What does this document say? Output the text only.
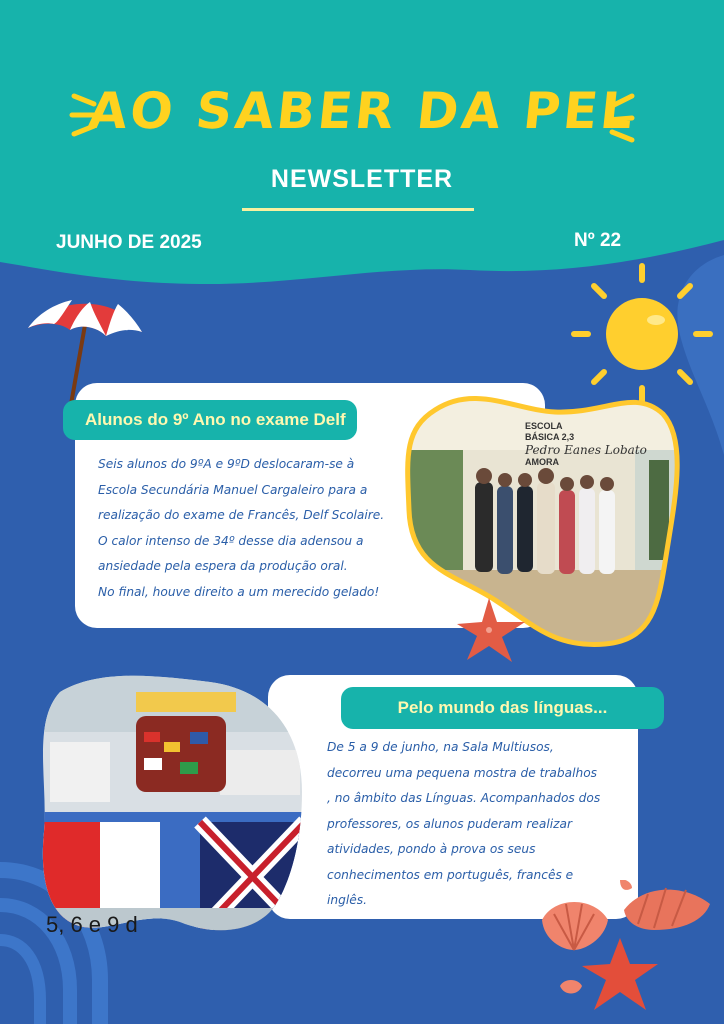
AO SABER DA PEL
NEWSLETTER
JUNHO DE 2025	Nº 22
Alunos do 9º Ano no exame Delf
Seis alunos do 9ºA e 9ºD deslocaram-se à
Escola Secundária Manuel Cargaleiro para a
realização do exame de Francês, Delf Scolaire.
O calor intenso de 34º desse dia adensou a
ansiedade pela espera da produção oral.
No final, houve direito a um merecido gelado!
ESCOLA
BÁSICA 2,3
Pedro Eanes Lobato
AMORA
Pelo mundo das línguas...
De 5 a 9 de junho, na Sala Multiusos,
decorreu uma pequena mostra de trabalhos
, no âmbito das Línguas. Acompanhados dos
professores, os alunos puderam realizar
atividades, pondo à prova os seus
conhecimentos em português, francês e
inglês.
5, 6 e 9 d
